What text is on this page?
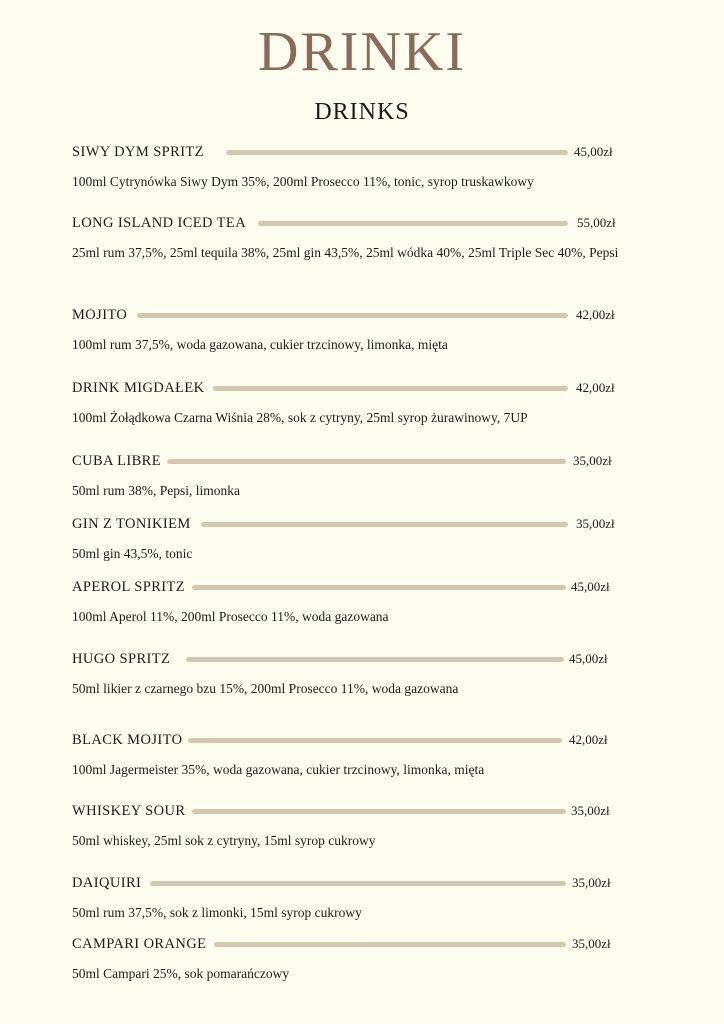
DRINKI
DRINKS
SIWY DYM SPRITZ	45,00zł
100ml Cytrynówka Siwy Dym 35%, 200ml Prosecco 11%, tonic, syrop truskawkowy
LONG ISLAND ICED TEA	55,00zł
25ml rum 37,5%, 25ml tequila 38%, 25ml gin 43,5%, 25ml wódka 40%, 25ml Triple Sec 40%, Pepsi
MOJITO	42,00zł
100ml rum 37,5%, woda gazowana, cukier trzcinowy, limonka, mięta
DRINK MIGDAŁEK	42,00zł
100ml Żołądkowa Czarna Wiśnia 28%, sok z cytryny, 25ml syrop żurawinowy, 7UP
CUBA LIBRE	35,00zł
50ml rum 38%, Pepsi, limonka
GIN Z TONIKIEM	35,00zł
50ml gin 43,5%, tonic
APEROL SPRITZ	45,00zł
100ml Aperol 11%, 200ml Prosecco 11%, woda gazowana
HUGO SPRITZ	45,00zł
50ml likier z czarnego bzu 15%, 200ml Prosecco 11%, woda gazowana
BLACK MOJITO	42,00zł
100ml Jagermeister 35%, woda gazowana, cukier trzcinowy, limonka, mięta
WHISKEY SOUR	35,00zł
50ml whiskey, 25ml sok z cytryny, 15ml syrop cukrowy
DAIQUIRI	35,00zł
50ml rum 37,5%, sok z limonki, 15ml syrop cukrowy
CAMPARI ORANGE	35,00zł
50ml Campari 25%, sok pomarańczowy
